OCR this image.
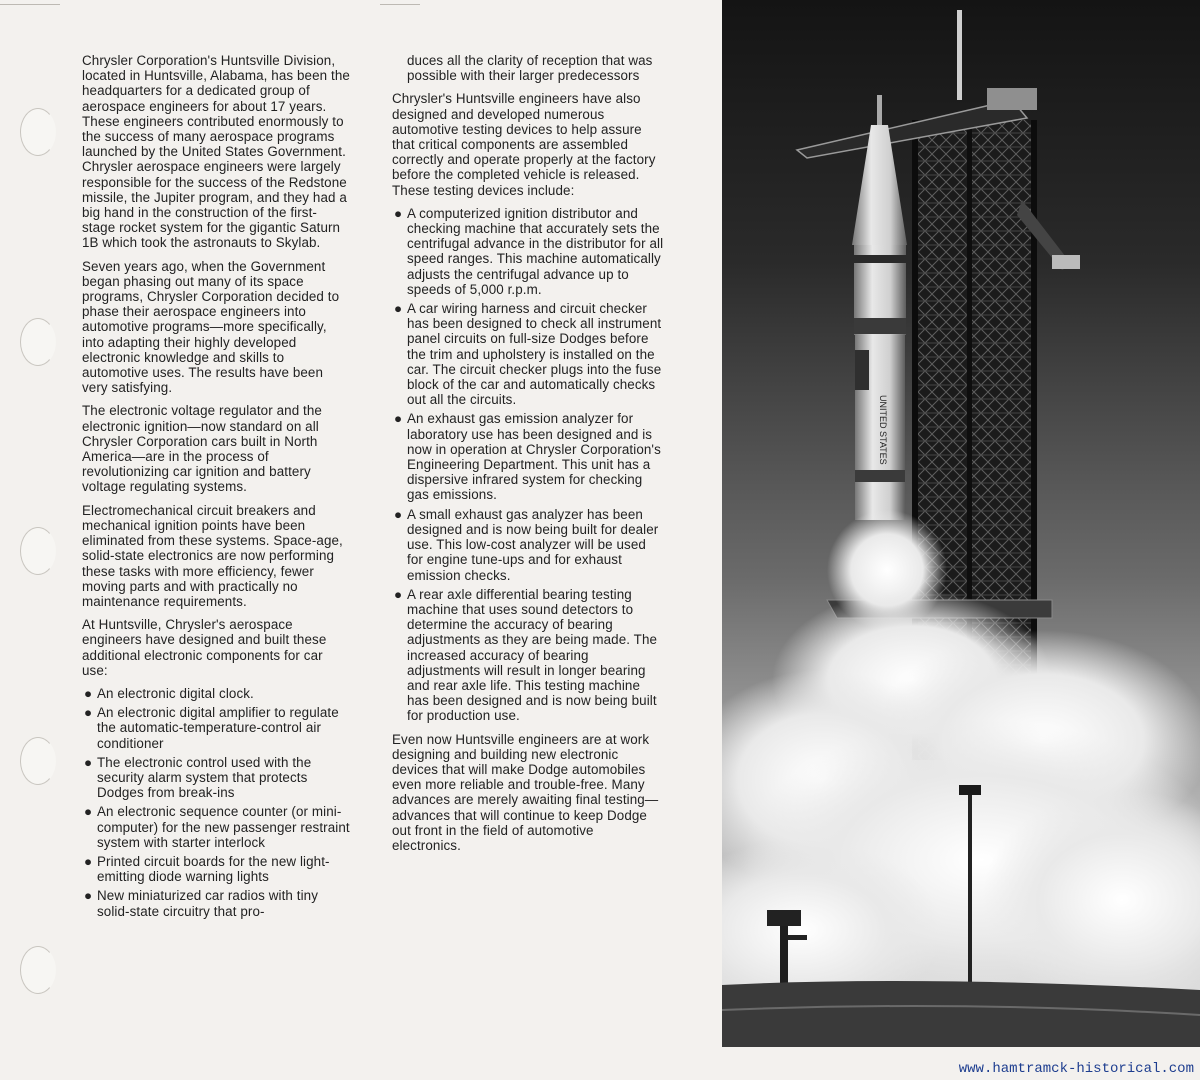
Chrysler Corporation's Huntsville Division, located in Huntsville, Alabama, has been the headquarters for a dedicated group of aerospace engineers for about 17 years. These engineers contributed enormously to the success of many aerospace programs launched by the United States Government. Chrysler aerospace engineers were largely responsible for the success of the Redstone missile, the Jupiter program, and they had a big hand in the construction of the first-stage rocket system for the gigantic Saturn 1B which took the astronauts to Skylab.

Seven years ago, when the Government began phasing out many of its space programs, Chrysler Corporation decided to phase their aerospace engineers into automotive programs—more specifically, into adapting their highly developed electronic knowledge and skills to automotive uses. The results have been very satisfying.

The electronic voltage regulator and the electronic ignition—now standard on all Chrysler Corporation cars built in North America—are in the process of revolutionizing car ignition and battery voltage regulating systems.

Electromechanical circuit breakers and mechanical ignition points have been eliminated from these systems. Space-age, solid-state electronics are now performing these tasks with more efficiency, fewer moving parts and with practically no maintenance requirements.

At Huntsville, Chrysler's aerospace engineers have designed and built these additional electronic components for car use:

● An electronic digital clock.
● An electronic digital amplifier to regulate the automatic-temperature-control air conditioner
● The electronic control used with the security alarm system that protects Dodges from break-ins
● An electronic sequence counter (or mini-computer) for the new passenger restraint system with starter interlock
● Printed circuit boards for the new light-emitting diode warning lights
● New miniaturized car radios with tiny solid-state circuitry that pro-

duces all the clarity of reception that was possible with their larger predecessors

Chrysler's Huntsville engineers have also designed and developed numerous automotive testing devices to help assure that critical components are assembled correctly and operate properly at the factory before the completed vehicle is released. These testing devices include:

● A computerized ignition distributor and checking machine that accurately sets the centrifugal advance in the distributor for all speed ranges. This machine automatically adjusts the centrifugal advance up to speeds of 5,000 r.p.m.
● A car wiring harness and circuit checker has been designed to check all instrument panel circuits on full-size Dodges before the trim and upholstery is installed on the car. The circuit checker plugs into the fuse block of the car and automatically checks out all the circuits.
● An exhaust gas emission analyzer for laboratory use has been designed and is now in operation at Chrysler Corporation's Engineering Department. This unit has a dispersive infrared system for checking gas emissions.
● A small exhaust gas analyzer has been designed and is now being built for dealer use. This low-cost analyzer will be used for engine tune-ups and for exhaust emission checks.
● A rear axle differential bearing testing machine that uses sound detectors to determine the accuracy of bearing adjustments as they are being made. The increased accuracy of bearing adjustments will result in longer bearing and rear axle life. This testing machine has been designed and is now being built for production use.

Even now Huntsville engineers are at work designing and building new electronic devices that will make Dodge automobiles even more reliable and trouble-free. Many advances are merely awaiting final testing—advances that will continue to keep Dodge out front in the field of automotive electronics.

UNITED STATES
www.hamtramck-historical.com
